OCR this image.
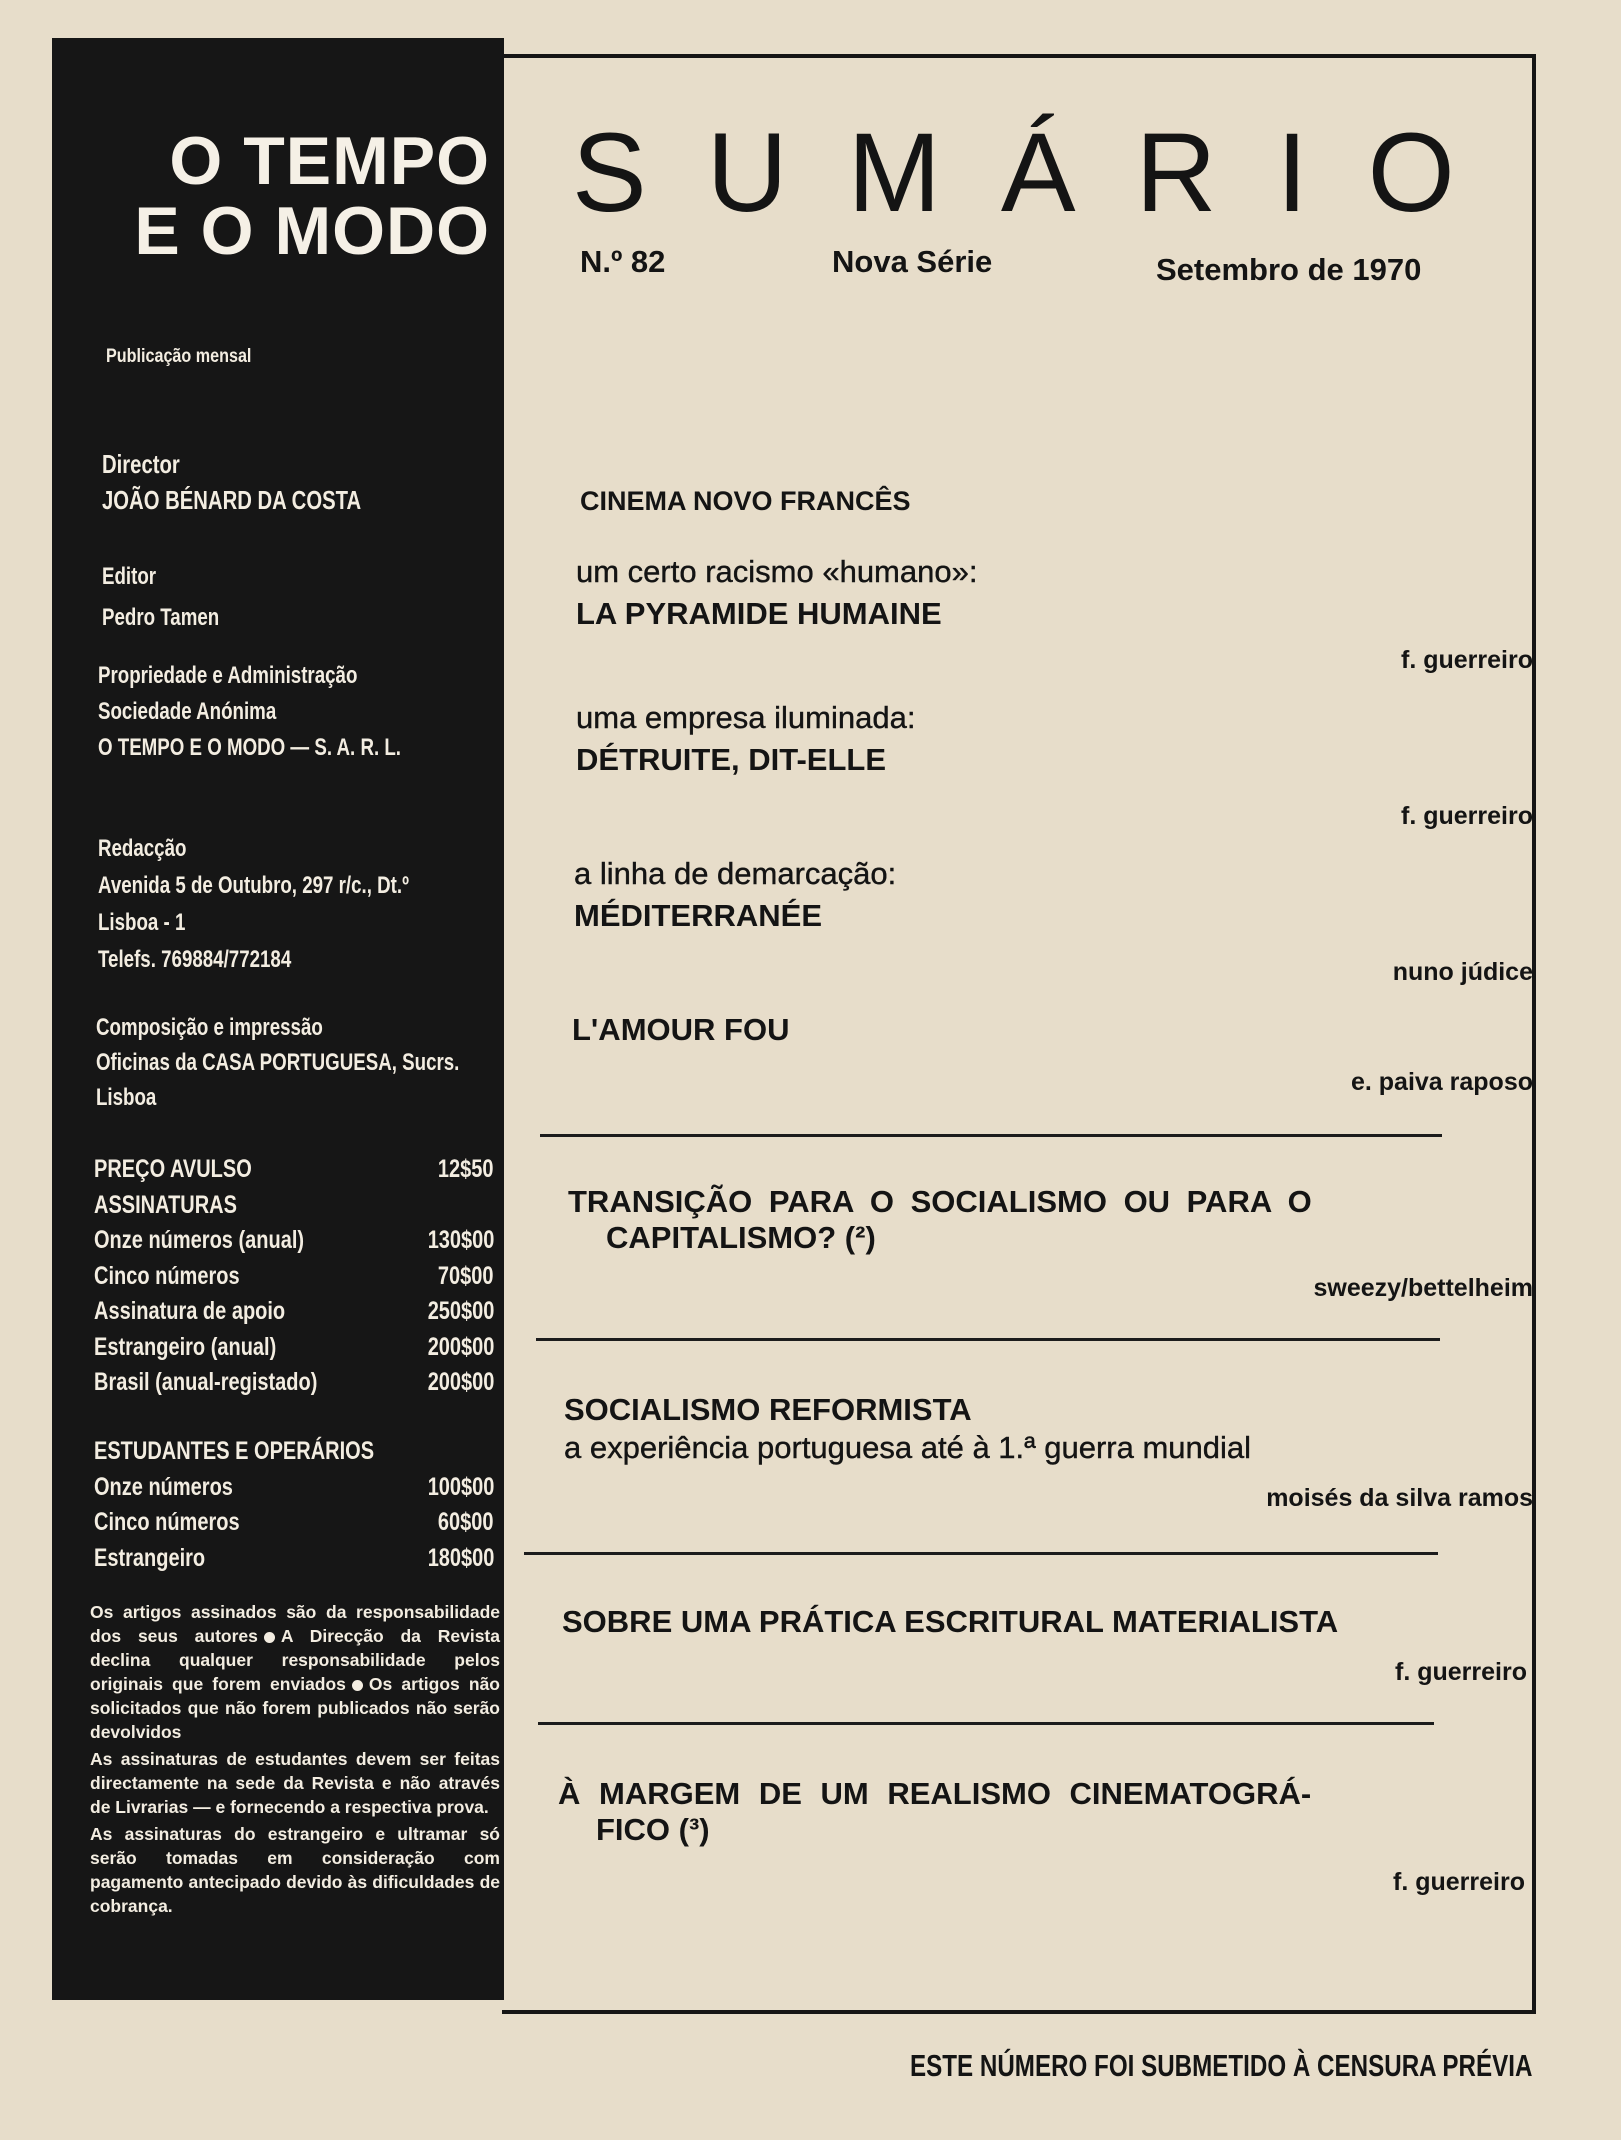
O TEMPO
E O MODO
Publicação mensal
Director
JOÃO BÉNARD DA COSTA
Editor
Pedro Tamen
Propriedade e Administração
Sociedade Anónima
O TEMPO E O MODO — S. A. R. L.
Redacção
Avenida 5 de Outubro, 297 r/c., Dt.º
Lisboa - 1
Telefs. 769884/772184
Composição e impressão
Oficinas da CASA PORTUGUESA, Sucrs.
Lisboa
PREÇO AVULSO	12$50
ASSINATURAS
Onze números (anual)	130$00
Cinco números	70$00
Assinatura de apoio	250$00
Estrangeiro (anual)	200$00
Brasil (anual-registado)	200$00
ESTUDANTES E OPERÁRIOS
Onze números	100$00
Cinco números	60$00
Estrangeiro	180$00

Os artigos assinados são da responsabilidade dos seus autores A Direcção da Revista declina qualquer responsabilidade pelos originais que forem enviados Os artigos não solicitados que não forem publicados não serão devolvidos

As assinaturas de estudantes devem ser feitas directamente na sede da Revista e não através de Livrarias — e fornecendo a respectiva prova.

As assinaturas do estrangeiro e ultramar só serão tomadas em consideração com pagamento antecipado devido às dificuldades de cobrança.

SUMÁRIO
N.º 82	Nova Série	Setembro de 1970
CINEMA NOVO FRANCÊS
um certo racismo «humano»:
LA PYRAMIDE HUMAINE
f. guerreiro
uma empresa iluminada:
DÉTRUITE, DIT-ELLE
f. guerreiro
a linha de demarcação:
MÉDITERRANÉE
nuno júdice
L'AMOUR FOU
e. paiva raposo
TRANSIÇÃO PARA O SOCIALISMO OU PARA O
CAPITALISMO? (²)
sweezy/bettelheim
SOCIALISMO REFORMISTA
a experiência portuguesa até à 1.ª guerra mundial
moisés da silva ramos
SOBRE UMA PRÁTICA ESCRITURAL MATERIALISTA
f. guerreiro
À MARGEM DE UM REALISMO CINEMATOGRÁ-
FICO (³)
f. guerreiro
ESTE NÚMERO FOI SUBMETIDO À CENSURA PRÉVIA
